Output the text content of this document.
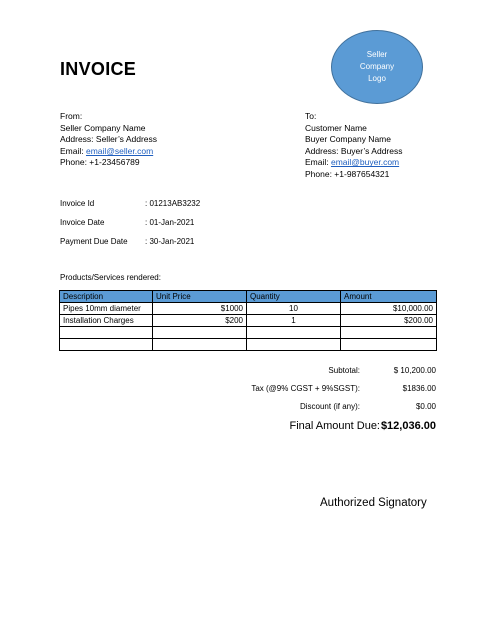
INVOICE
Seller Company Logo
From:
Seller Company Name
Address: Seller’s Address
Email: email@seller.com
Phone: +1-23456789
To:
Customer Name
Buyer Company Name
Address: Buyer’s Address
Email: email@buyer.com
Phone: +1-987654321
Invoice Id	: 01213AB3232
Invoice Date	: 01-Jan-2021
Payment Due Date : 30-Jan-2021
Products/Services rendered:
Description	Unit Price	Quantity	Amount
Pipes 10mm diameter	$1000	10	$10,000.00
Installation Charges	$200	1	$200.00

Subtotal:	$ 10,200.00
Tax (@9% CGST + 9%SGST):	$1836.00
Discount (if any):	$0.00
Final Amount Due: $12,036.00
Authorized Signatory
